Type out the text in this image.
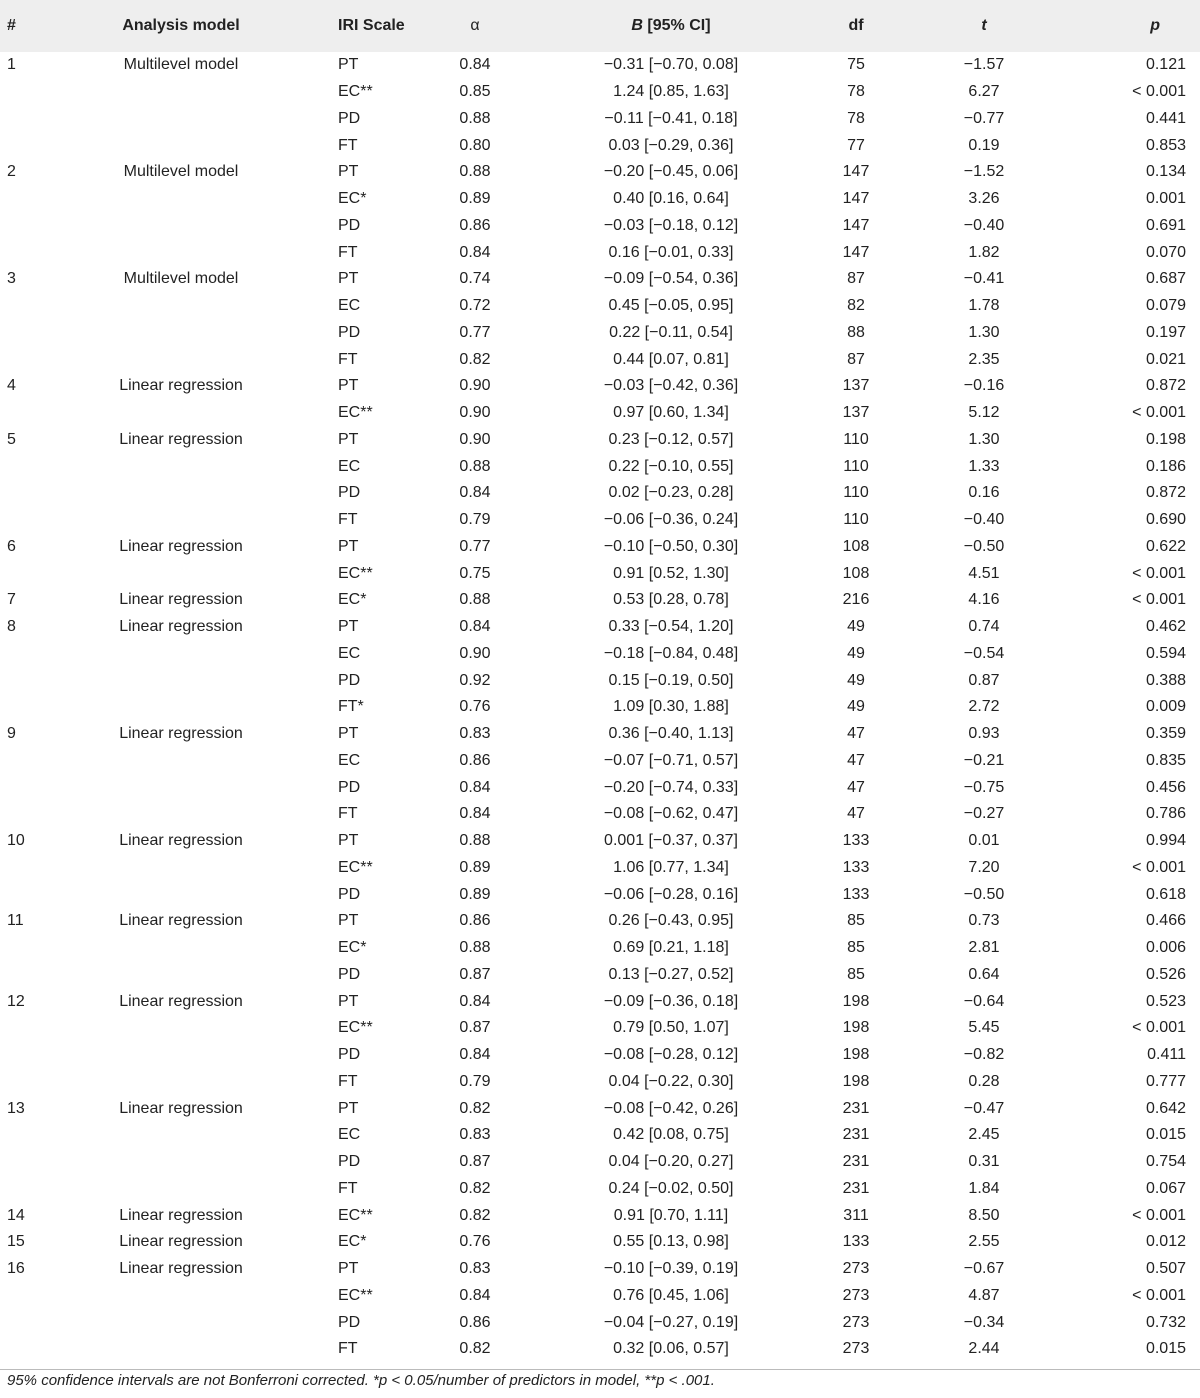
#	Analysis model	IRI Scale	α	B [95% CI]	df	t	p
1	Multilevel model	PT	0.84	−0.31 [−0.70, 0.08]	75	−1.57	0.121
		EC**	0.85	1.24 [0.85, 1.63]	78	6.27	< 0.001
		PD	0.88	−0.11 [−0.41, 0.18]	78	−0.77	0.441
		FT	0.80	0.03 [−0.29, 0.36]	77	0.19	0.853
2	Multilevel model	PT	0.88	−0.20 [−0.45, 0.06]	147	−1.52	0.134
		EC*	0.89	0.40 [0.16, 0.64]	147	3.26	0.001
		PD	0.86	−0.03 [−0.18, 0.12]	147	−0.40	0.691
		FT	0.84	0.16 [−0.01, 0.33]	147	1.82	0.070
3	Multilevel model	PT	0.74	−0.09 [−0.54, 0.36]	87	−0.41	0.687
		EC	0.72	0.45 [−0.05, 0.95]	82	1.78	0.079
		PD	0.77	0.22 [−0.11, 0.54]	88	1.30	0.197
		FT	0.82	0.44 [0.07, 0.81]	87	2.35	0.021
4	Linear regression	PT	0.90	−0.03 [−0.42, 0.36]	137	−0.16	0.872
		EC**	0.90	0.97 [0.60, 1.34]	137	5.12	< 0.001
5	Linear regression	PT	0.90	0.23 [−0.12, 0.57]	110	1.30	0.198
		EC	0.88	0.22 [−0.10, 0.55]	110	1.33	0.186
		PD	0.84	0.02 [−0.23, 0.28]	110	0.16	0.872
		FT	0.79	−0.06 [−0.36, 0.24]	110	−0.40	0.690
6	Linear regression	PT	0.77	−0.10 [−0.50, 0.30]	108	−0.50	0.622
		EC**	0.75	0.91 [0.52, 1.30]	108	4.51	< 0.001
7	Linear regression	EC*	0.88	0.53 [0.28, 0.78]	216	4.16	< 0.001
8	Linear regression	PT	0.84	0.33 [−0.54, 1.20]	49	0.74	0.462
		EC	0.90	−0.18 [−0.84, 0.48]	49	−0.54	0.594
		PD	0.92	0.15 [−0.19, 0.50]	49	0.87	0.388
		FT*	0.76	1.09 [0.30, 1.88]	49	2.72	0.009
9	Linear regression	PT	0.83	0.36 [−0.40, 1.13]	47	0.93	0.359
		EC	0.86	−0.07 [−0.71, 0.57]	47	−0.21	0.835
		PD	0.84	−0.20 [−0.74, 0.33]	47	−0.75	0.456
		FT	0.84	−0.08 [−0.62, 0.47]	47	−0.27	0.786
10	Linear regression	PT	0.88	0.001 [−0.37, 0.37]	133	0.01	0.994
		EC**	0.89	1.06 [0.77, 1.34]	133	7.20	< 0.001
		PD	0.89	−0.06 [−0.28, 0.16]	133	−0.50	0.618
11	Linear regression	PT	0.86	0.26 [−0.43, 0.95]	85	0.73	0.466
		EC*	0.88	0.69 [0.21, 1.18]	85	2.81	0.006
		PD	0.87	0.13 [−0.27, 0.52]	85	0.64	0.526
12	Linear regression	PT	0.84	−0.09 [−0.36, 0.18]	198	−0.64	0.523
		EC**	0.87	0.79 [0.50, 1.07]	198	5.45	< 0.001
		PD	0.84	−0.08 [−0.28, 0.12]	198	−0.82	0.411
		FT	0.79	0.04 [−0.22, 0.30]	198	0.28	0.777
13	Linear regression	PT	0.82	−0.08 [−0.42, 0.26]	231	−0.47	0.642
		EC	0.83	0.42 [0.08, 0.75]	231	2.45	0.015
		PD	0.87	0.04 [−0.20, 0.27]	231	0.31	0.754
		FT	0.82	0.24 [−0.02, 0.50]	231	1.84	0.067
14	Linear regression	EC**	0.82	0.91 [0.70, 1.11]	311	8.50	< 0.001
15	Linear regression	EC*	0.76	0.55 [0.13, 0.98]	133	2.55	0.012
16	Linear regression	PT	0.83	−0.10 [−0.39, 0.19]	273	−0.67	0.507
		EC**	0.84	0.76 [0.45, 1.06]	273	4.87	< 0.001
		PD	0.86	−0.04 [−0.27, 0.19]	273	−0.34	0.732
		FT	0.82	0.32 [0.06, 0.57]	273	2.44	0.015
95% confidence intervals are not Bonferroni corrected. *p < 0.05/number of predictors in model, **p < .001.
